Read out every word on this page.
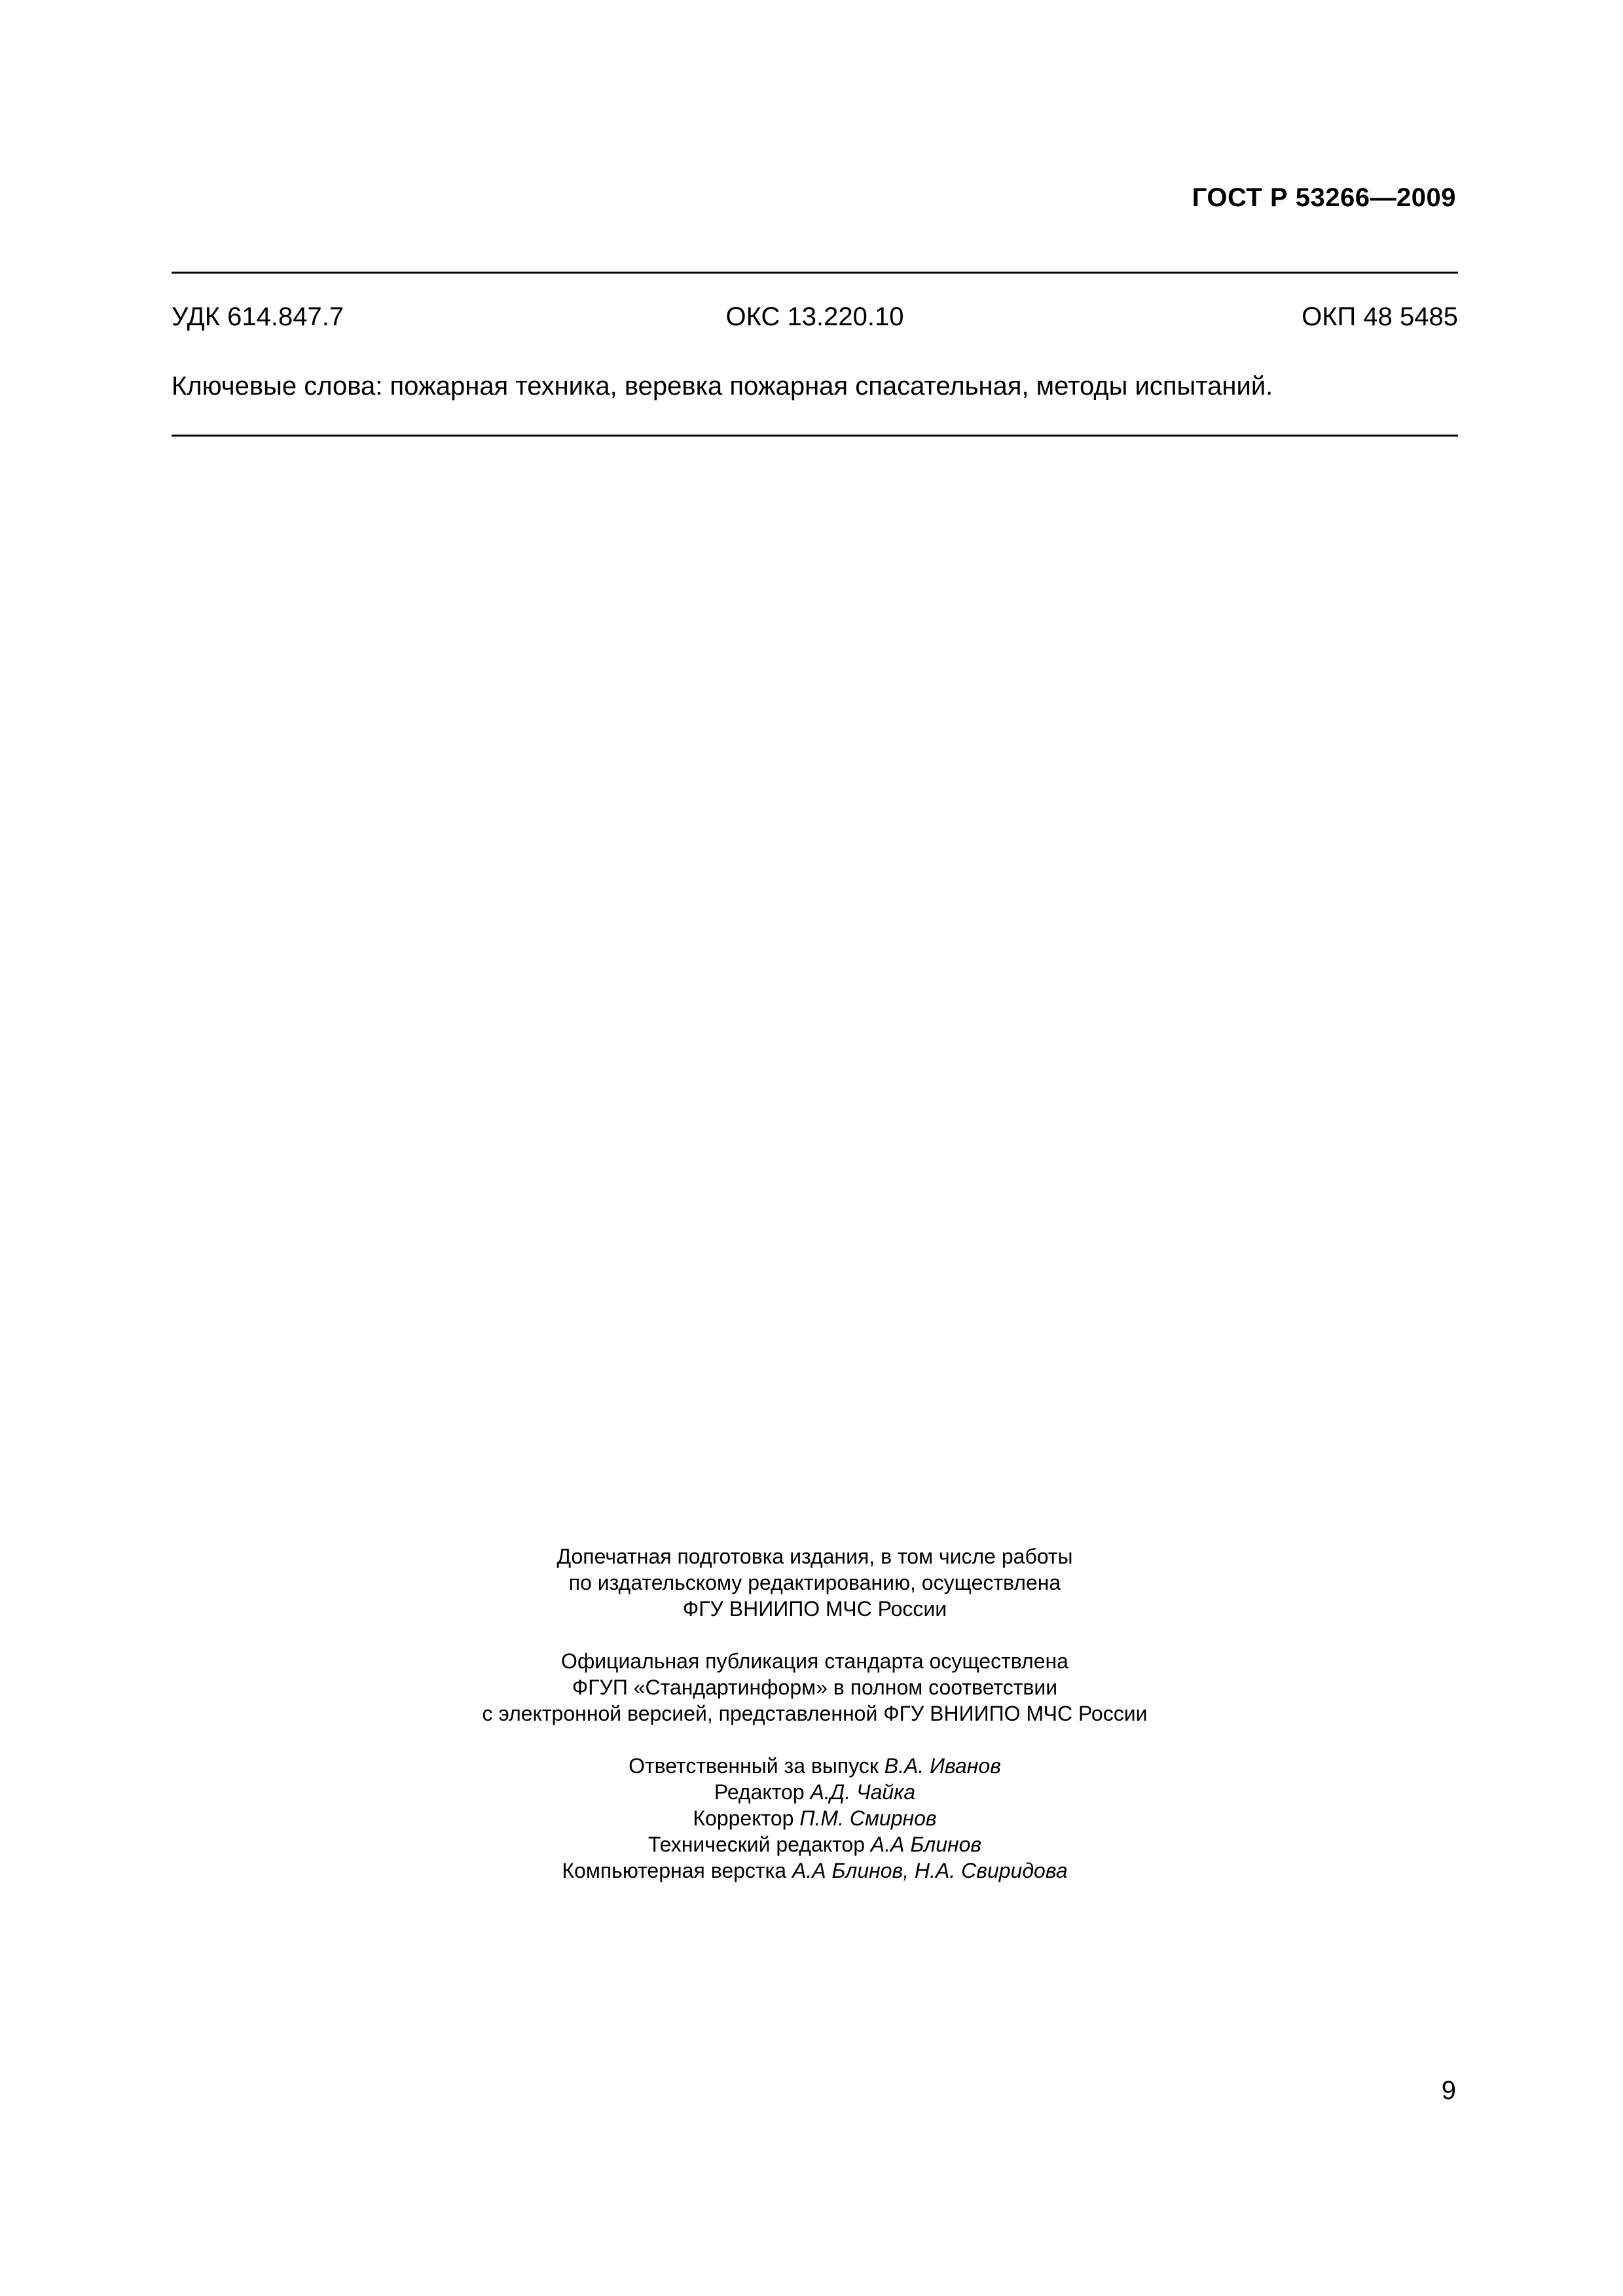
ГОСТ Р 53266—2009
УДК 614.847.7	ОКС 13.220.10	ОКП 48 5485
Ключевые слова: пожарная техника, веревка пожарная спасательная, методы испытаний.
Допечатная подготовка издания, в том числе работы
по издательскому редактированию, осуществлена
ФГУ ВНИИПО МЧС России
Официальная публикация стандарта осуществлена
ФГУП «Стандартинформ» в полном соответствии
с электронной версией, представленной ФГУ ВНИИПО МЧС России
Ответственный за выпуск В.А. Иванов
Редактор А.Д. Чайка
Корректор П.М. Смирнов
Технический редактор А.А Блинов
Компьютерная верстка А.А Блинов, Н.А. Свиридова
9
